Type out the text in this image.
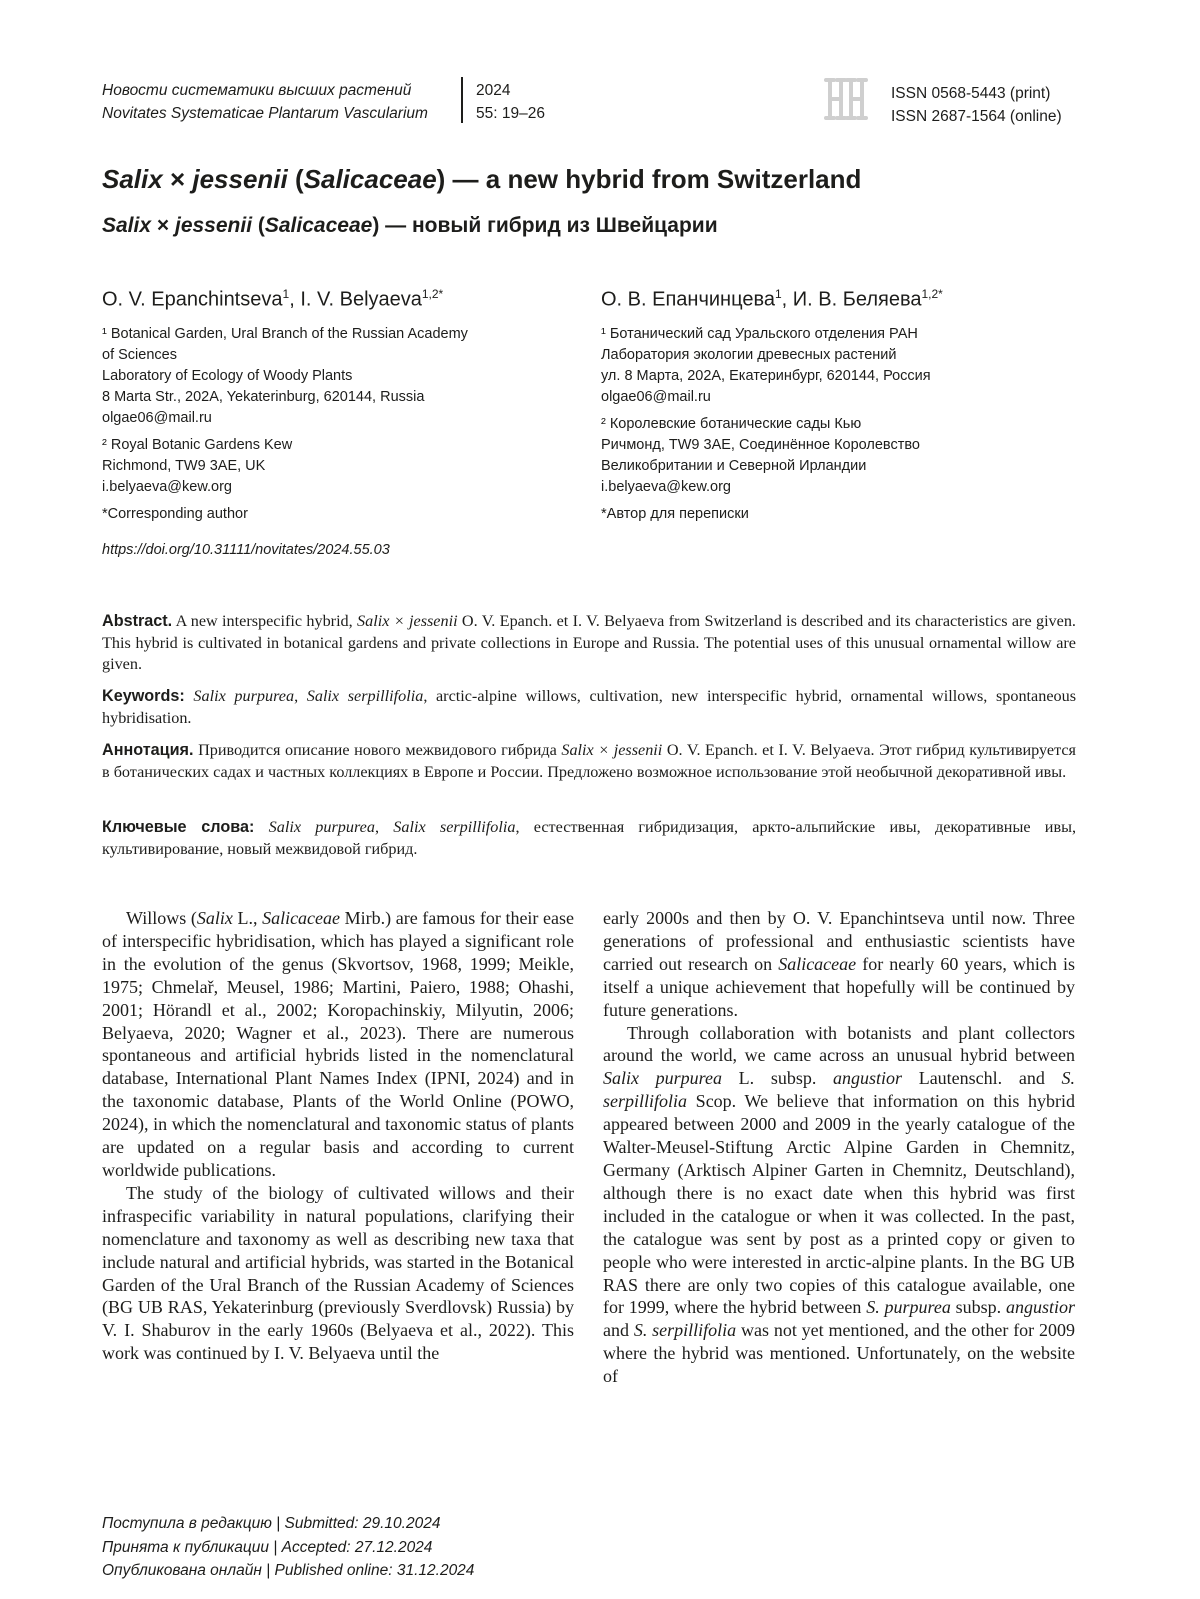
Новости систематики высших растений
Novitates Systematicae Plantarum Vascularium
2024
55: 19–26
ISSN 0568-5443 (print)
ISSN 2687-1564 (online)
Salix × jessenii (Salicaceae) — a new hybrid from Switzerland
Salix × jessenii (Salicaceae) — новый гибрид из Швейцарии
O. V. Epanchintseva$^1$, I. V. Belyaeva$^{1,2*}$

¹ Botanical Garden, Ural Branch of the Russian Academy

of Sciences

Laboratory of Ecology of Woody Plants

8 Marta Str., 202A, Yekaterinburg, 620144, Russia

olgae06@mail.ru

² Royal Botanic Gardens Kew

Richmond, TW9 3AE, UK

i.belyaeva@kew.org

*Corresponding author

О. В. Епанчинцева$^1$, И. В. Беляева$^{1,2*}$

¹ Ботанический сад Уральского отделения РАН

Лаборатория экологии древесных растений

ул. 8 Марта, 202А, Екатеринбург, 620144, Россия

olgae06@mail.ru

² Королевские ботанические сады Кью

Ричмонд, TW9 3AE, Соединённое Королевство

Великобритании и Северной Ирландии

i.belyaeva@kew.org

*Автор для переписки

https://doi.org/10.31111/novitates/2024.55.03
Abstract. A new interspecific hybrid, Salix × jessenii O. V. Epanch. et I. V. Belyaeva from Switzerland is described and its characteristics are given. This hybrid is cultivated in botanical gardens and private collections in Europe and Russia. The potential uses of this unusual ornamental willow are given.
Keywords: Salix purpurea, Salix serpillifolia, arctic-alpine willows, cultivation, new interspecific hybrid, ornamental willows, spontaneous hybridisation.
Аннотация. Приводится описание нового межвидового гибрида Salix × jessenii O. V. Epanch. et I. V. Belyaeva. Этот гибрид культивируется в ботанических садах и частных коллекциях в Европе и России. Предложено возможное использование этой необычной декоративной ивы.
Ключевые слова: Salix purpurea, Salix serpillifolia, естественная гибридизация, аркто-альпийские ивы, декоративные ивы, культивирование, новый межвидовой гибрид.

Willows (Salix L., Salicaceae Mirb.) are famous for their ease of interspecific hybridisation, which has played a significant role in the evolution of the genus (Skvortsov, 1968, 1999; Meikle, 1975; Chmelař, Meusel, 1986; Martini, Paiero, 1988; Ohashi, 2001; Hörandl et al., 2002; Koropachinskiy, Milyutin, 2006; Belyaeva, 2020; Wagner et al., 2023). There are numerous spontaneous and artificial hybrids listed in the nomenclatural database, International Plant Names Index (IPNI, 2024) and in the taxonomic database, Plants of the World Online (POWO, 2024), in which the nomenclatural and taxonomic status of plants are updated on a regular basis and according to current worldwide publications.

The study of the biology of cultivated willows and their infraspecific variability in natural populations, clarifying their nomenclature and taxonomy as well as describing new taxa that include natural and artificial hybrids, was started in the Botanical Garden of the Ural Branch of the Russian Academy of Sciences (BG UB RAS, Yekaterinburg (previously Sverdlovsk) Russia) by V. I. Shaburov in the early 1960s (Belyaeva et al., 2022). This work was continued by I. V. Belyaeva until the

early 2000s and then by O. V. Epanchintseva until now. Three generations of professional and enthusiastic scientists have carried out research on Salicaceae for nearly 60 years, which is itself a unique achievement that hopefully will be continued by future generations.

Through collaboration with botanists and plant collectors around the world, we came across an unusual hybrid between Salix purpurea L. subsp. angustior Lautenschl. and S. serpillifolia Scop. We believe that information on this hybrid appeared between 2000 and 2009 in the yearly catalogue of the Walter-Meusel-Stiftung Arctic Alpine Garden in Chemnitz, Germany (Arktisch Alpiner Garten in Chemnitz, Deutschland), although there is no exact date when this hybrid was first included in the catalogue or when it was collected. In the past, the catalogue was sent by post as a printed copy or given to people who were interested in arctic-alpine plants. In the BG UB RAS there are only two copies of this catalogue available, one for 1999, where the hybrid between S. purpurea subsp. angustior and S. serpillifolia was not yet mentioned, and the other for 2009 where the hybrid was mentioned. Unfortunately, on the website of

Поступила в редакцию | Submitted: 29.10.2024
Принята к публикации | Accepted: 27.12.2024
Опубликована онлайн | Published online: 31.12.2024
